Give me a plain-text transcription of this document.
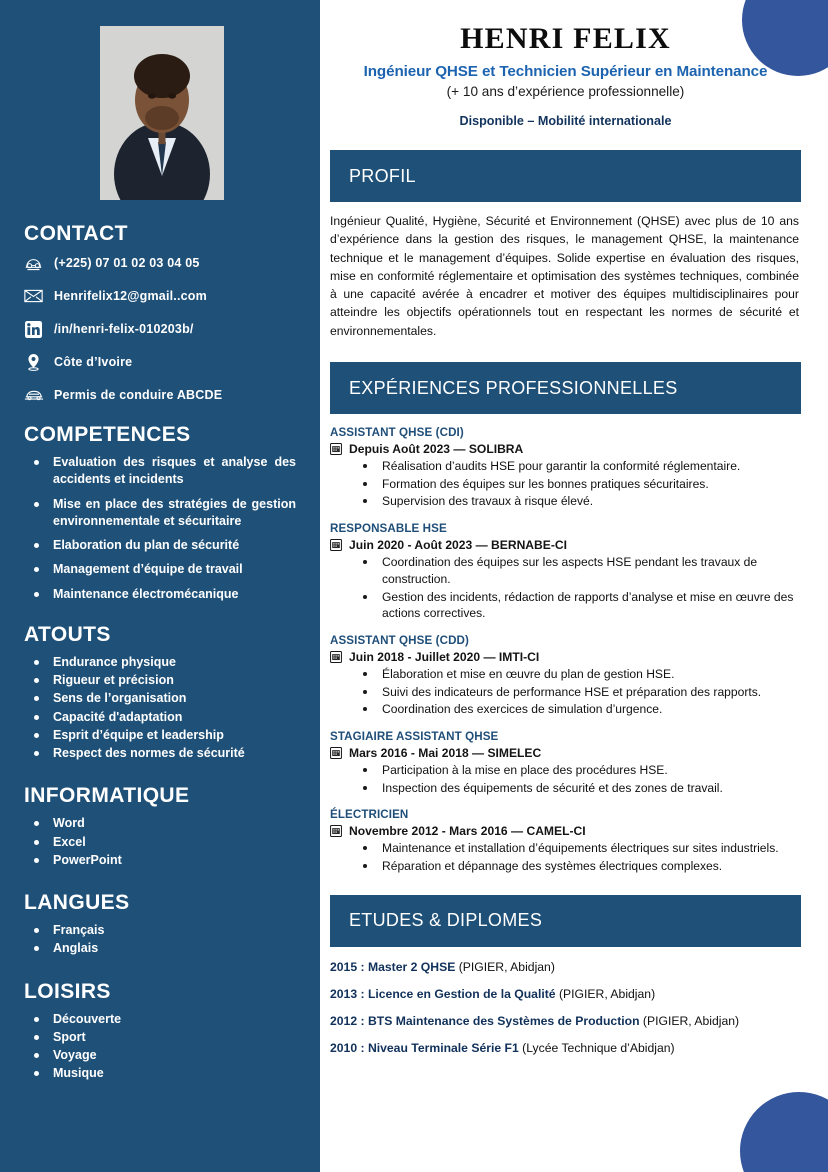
CONTACT
(+225) 07 01 02 03 04 05
Henrifelix12@gmail..com
/in/henri-felix-010203b/
Côte d’Ivoire
Permis de conduire ABCDE
COMPETENCES
Evaluation des risques et analyse des accidents et incidents
Mise en place des stratégies de gestion environnementale et sécuritaire
Elaboration du plan de sécurité
Management d’équipe de travail
Maintenance électromécanique
ATOUTS
Endurance physique
Rigueur et précision
Sens de l’organisation
Capacité d'adaptation
Esprit d’équipe et leadership
Respect des normes de sécurité
INFORMATIQUE
Word
Excel
PowerPoint
LANGUES
Français
Anglais
LOISIRS
Découverte
Sport
Voyage
Musique
HENRI FELIX
Ingénieur QHSE et Technicien Supérieur en Maintenance
(+ 10 ans d’expérience professionnelle)
Disponible – Mobilité internationale
PROFIL

Ingénieur Qualité, Hygiène, Sécurité et Environnement (QHSE) avec plus de 10 ans d’expérience dans la gestion des risques, le management QHSE, la maintenance technique et le management d’équipes. Solide expertise en évaluation des risques, mise en conformité réglementaire et optimisation des systèmes techniques, combinée à une capacité avérée à encadrer et motiver des équipes multidisciplinaires pour atteindre les objectifs opérationnels tout en respectant les normes de sécurité et environnementales.

EXPÉRIENCES PROFESSIONNELLES
ASSISTANT QHSE (CDI)
Depuis Août 2023 — SOLIBRA
Réalisation d’audits HSE pour garantir la conformité réglementaire.
Formation des équipes sur les bonnes pratiques sécuritaires.
Supervision des travaux à risque élevé.
RESPONSABLE HSE
Juin 2020 - Août 2023 — BERNABE-CI
Coordination des équipes sur les aspects HSE pendant les travaux de construction.
Gestion des incidents, rédaction de rapports d’analyse et mise en œuvre des actions correctives.
ASSISTANT QHSE (CDD)
Juin 2018 - Juillet 2020 — IMTI-CI
Élaboration et mise en œuvre du plan de gestion HSE.
Suivi des indicateurs de performance HSE et préparation des rapports.
Coordination des exercices de simulation d’urgence.
STAGIAIRE ASSISTANT QHSE
Mars 2016 - Mai 2018 — SIMELEC
Participation à la mise en place des procédures HSE.
Inspection des équipements de sécurité et des zones de travail.
ÉLECTRICIEN
Novembre 2012 - Mars 2016 — CAMEL-CI
Maintenance et installation d’équipements électriques sur sites industriels.
Réparation et dépannage des systèmes électriques complexes.
ETUDES & DIPLOMES
2015 : Master 2 QHSE (PIGIER, Abidjan)
2013 : Licence en Gestion de la Qualité (PIGIER, Abidjan)
2012 : BTS Maintenance des Systèmes de Production (PIGIER, Abidjan)
2010 : Niveau Terminale Série F1 (Lycée Technique d’Abidjan)
